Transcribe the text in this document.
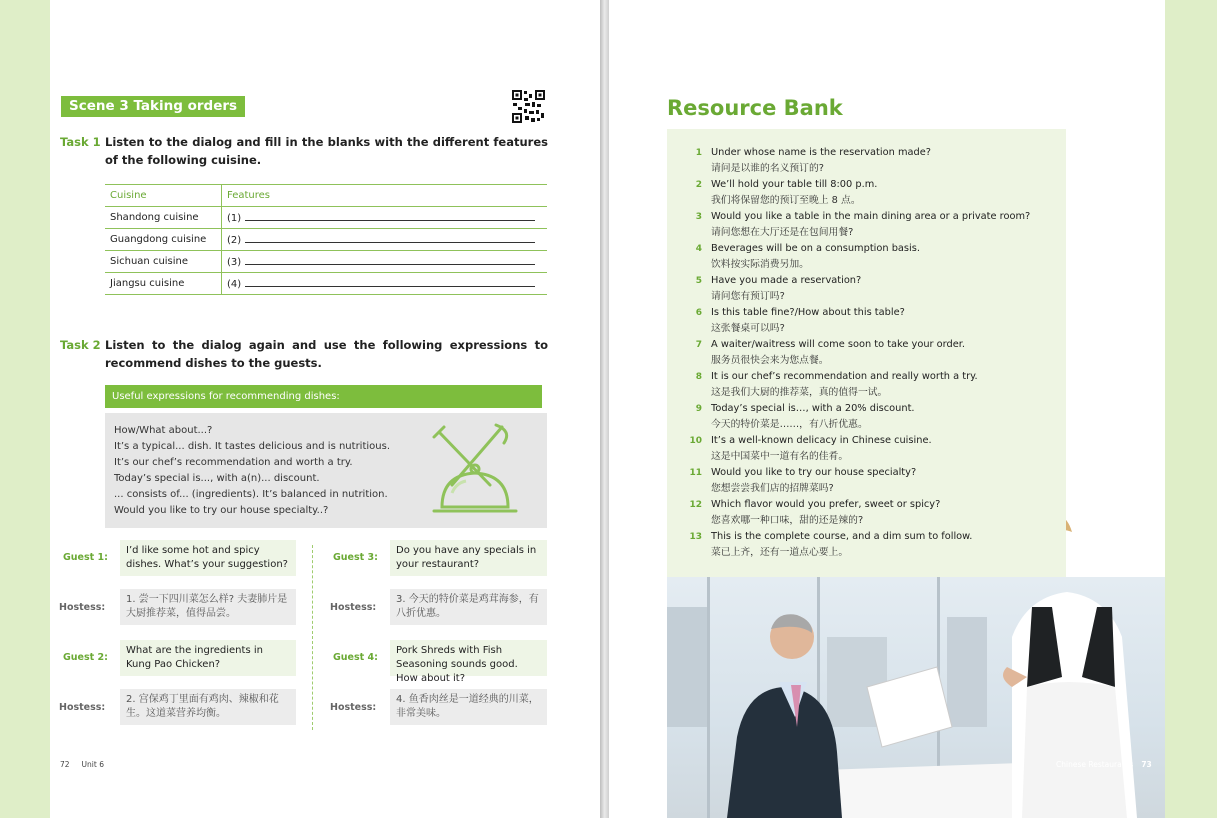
Scene 3 Taking orders
Task 1 Listen to the dialog and fill in the blanks with the different features of the following cuisine.
Cuisine	Features
Shandong cuisine	(1)
Guangdong cuisine	(2)
Sichuan cuisine	(3)
Jiangsu cuisine	(4)
Task 2 Listen to the dialog again and use the following expressions to recommend dishes to the guests.
Useful expressions for recommending dishes:
How/What about...?
It’s a typical... dish. It tastes delicious and is nutritious.
It’s our chef’s recommendation and worth a try.
Today’s special is..., with a(n)... discount.
... consists of... (ingredients). It’s balanced in nutrition.
Would you like to try our house specialty..?
Guest 1:
I’d like some hot and spicy dishes. What’s your suggestion?
Hostess:
1. 尝一下四川菜怎么样? 夫妻肺片是大厨推荐菜，值得品尝。
Guest 2:
What are the ingredients in Kung Pao Chicken?
Hostess:
2. 宫保鸡丁里面有鸡肉、辣椒和花生。这道菜营养均衡。
Guest 3:
Do you have any specials in your restaurant?
Hostess:
3. 今天的特价菜是鸡茸海参，有八折优惠。
Guest 4:
Pork Shreds with Fish Seasoning sounds good. How about it?
Hostess:
4. 鱼香肉丝是一道经典的川菜，非常美味。
72 Unit 6
Resource Bank
1 Under whose name is the reservation made?
请问是以谁的名义预订的?
2 We’ll hold your table till 8:00 p.m.
我们将保留您的预订至晚上 8 点。
3 Would you like a table in the main dining area or a private room?
请问您想在大厅还是在包间用餐?
4 Beverages will be on a consumption basis.
饮料按实际消费另加。
5 Have you made a reservation?
请问您有预订吗?
6 Is this table fine?/How about this table?
这张餐桌可以吗?
7 A waiter/waitress will come soon to take your order.
服务员很快会来为您点餐。
8 It is our chef’s recommendation and really worth a try.
这是我们大厨的推荐菜，真的值得一试。
9 Today’s special is…, with a 20% discount.
今天的特价菜是……，有八折优惠。
10 It’s a well-known delicacy in Chinese cuisine.
这是中国菜中一道有名的佳肴。
11 Would you like to try our house specialty?
您想尝尝我们店的招牌菜吗?
12 Which flavor would you prefer, sweet or spicy?
您喜欢哪一种口味，甜的还是辣的?
13 This is the complete course, and a dim sum to follow.
菜已上齐，还有一道点心要上。
Chinese Restaurants 73
